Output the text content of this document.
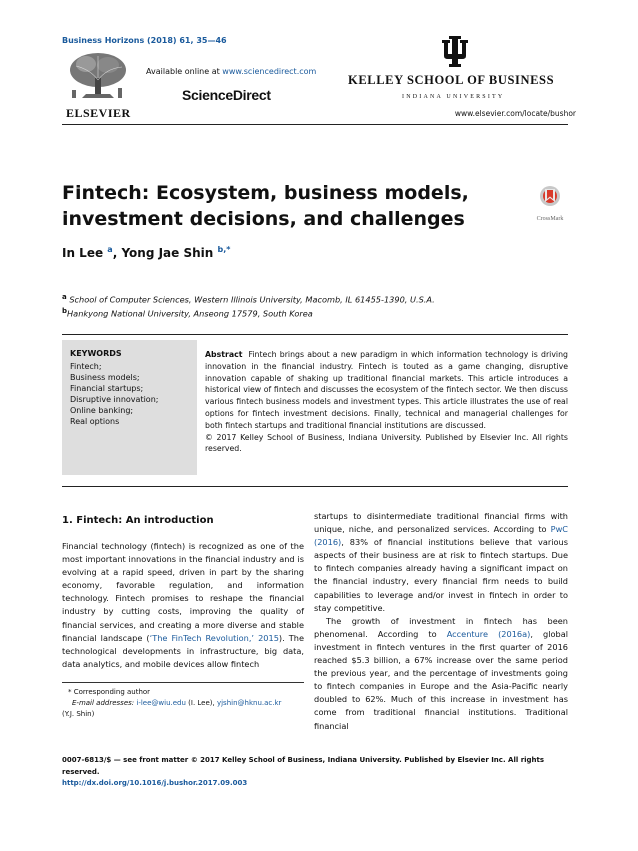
Business Horizons (2018) 61, 35—46
ELSEVIER
Available online at www.sciencedirect.com
ScienceDirect
KELLEY SCHOOL OF BUSINESS
INDIANA UNIVERSITY
www.elsevier.com/locate/bushor
Fintech: Ecosystem, business models, investment decisions, and challenges	CrossMark
In Lee $^a$, Yong Jae Shin $^{b,*}$
$^a$ School of Computer Sciences, Western Illinois University, Macomb, IL 61455-1390, U.S.A.
$^b$Hankyong National University, Anseong 17579, South Korea
KEYWORDS
Fintech;
Business models;
Financial startups;
Disruptive innovation;
Online banking;
Real options

Abstract Fintech brings about a new paradigm in which information technology is driving innovation in the financial industry. Fintech is touted as a game changing, disruptive innovation capable of shaking up traditional financial markets. This article introduces a historical view of fintech and discusses the ecosystem of the fintech sector. We then discuss various fintech business models and investment types. This article illustrates the use of real options for fintech investment decisions. Finally, technical and managerial challenges for both fintech startups and traditional financial institutions are discussed.

© 2017 Kelley School of Business, Indiana University. Published by Elsevier Inc. All rights reserved.

1. Fintech: An introduction

Financial technology (fintech) is recognized as one of the most important innovations in the financial industry and is evolving at a rapid speed, driven in part by the sharing economy, favorable regulation, and information technology. Fintech promises to reshape the financial industry by cutting costs, improving the quality of financial services, and creating a more diverse and stable financial landscape (‘The FinTech Revolution,’ 2015). The technological developments in infrastructure, big data, data analytics, and mobile devices allow fintech

startups to disintermediate traditional financial firms with unique, niche, and personalized services. According to PwC (2016), 83% of financial institutions believe that various aspects of their business are at risk to fintech startups. Due to fintech companies already having a significant impact on the financial industry, every financial firm needs to build capabilities to leverage and/or invest in fintech in order to stay competitive.

The growth of investment in fintech has been phenomenal. According to Accenture (2016a), global investment in fintech ventures in the first quarter of 2016 reached $5.3 billion, a 67% increase over the same period the previous year, and the percentage of investments going to fintech companies in Europe and the Asia-Pacific nearly doubled to 62%. Much of this increase in investment has come from traditional financial institutions. Traditional financial

* Corresponding author
E-mail addresses: i-lee@wiu.edu (I. Lee), yjshin@hknu.ac.kr
(Y.J. Shin)
0007-6813/$ — see front matter © 2017 Kelley School of Business, Indiana University. Published by Elsevier Inc. All rights reserved.
http://dx.doi.org/10.1016/j.bushor.2017.09.003
